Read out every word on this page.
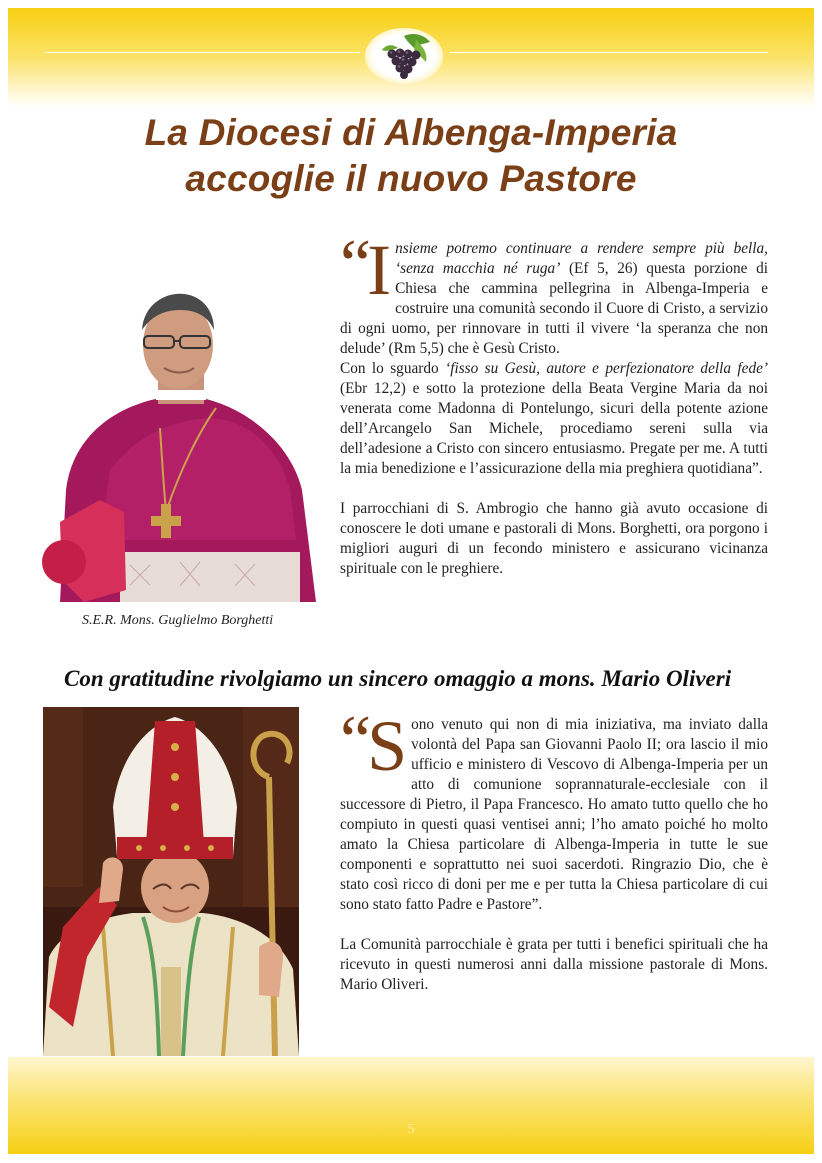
La Diocesi di Albenga-Imperia
accoglie il nuovo Pastore
S.E.R. Mons. Guglielmo Borghetti
“ I nsieme potremo continuare a rendere sempre più bella, ‘senza macchia né ruga’ (Ef 5, 26) questa porzione di Chiesa che cammina pellegrina in Albenga-Imperia e costruire una comunità secondo il Cuore di Cristo, a servizio di ogni uomo, per rinnovare in tutti il vivere ‘la speranza che non delude’ (Rm 5,5) che è Gesù Cristo.

Con lo sguardo ‘fisso su Gesù, autore e perfezionatore della fede’ (Ebr 12,2) e sotto la protezione della Beata Vergine Maria da noi venerata come Madonna di Pontelungo, sicuri della potente azione dell’Arcangelo San Michele, procediamo sereni sulla via dell’adesione a Cristo con sincero entusiasmo. Pregate per me. A tutti la mia benedizione e l’assicurazione della mia preghiera quotidiana”.

I parrocchiani di S. Ambrogio che hanno già avuto occasione di conoscere le doti umane e pastorali di Mons. Borghetti, ora porgono i migliori auguri di un fecondo ministero e assicurano vicinanza spirituale con le preghiere.

Con gratitudine rivolgiamo un sincero omaggio a mons. Mario Oliveri
“ S ono venuto qui non di mia iniziativa, ma inviato dalla volontà del Papa san Giovanni Paolo II; ora lascio il mio ufficio e ministero di Vescovo di Albenga-Imperia per un atto di comunione soprannaturale-ecclesiale con il successore di Pietro, il Papa Francesco. Ho amato tutto quello che ho compiuto in questi quasi ventisei anni; l’ho amato poiché ho molto amato la Chiesa particolare di Albenga-Imperia in tutte le sue componenti e soprattutto nei suoi sacerdoti. Ringrazio Dio, che è stato così ricco di doni per me e per tutta la Chiesa particolare di cui sono stato fatto Padre e Pastore”.

La Comunità parrocchiale è grata per tutti i benefici spirituali che ha ricevuto in questi numerosi anni dalla missione pastorale di Mons. Mario Oliveri.

5
